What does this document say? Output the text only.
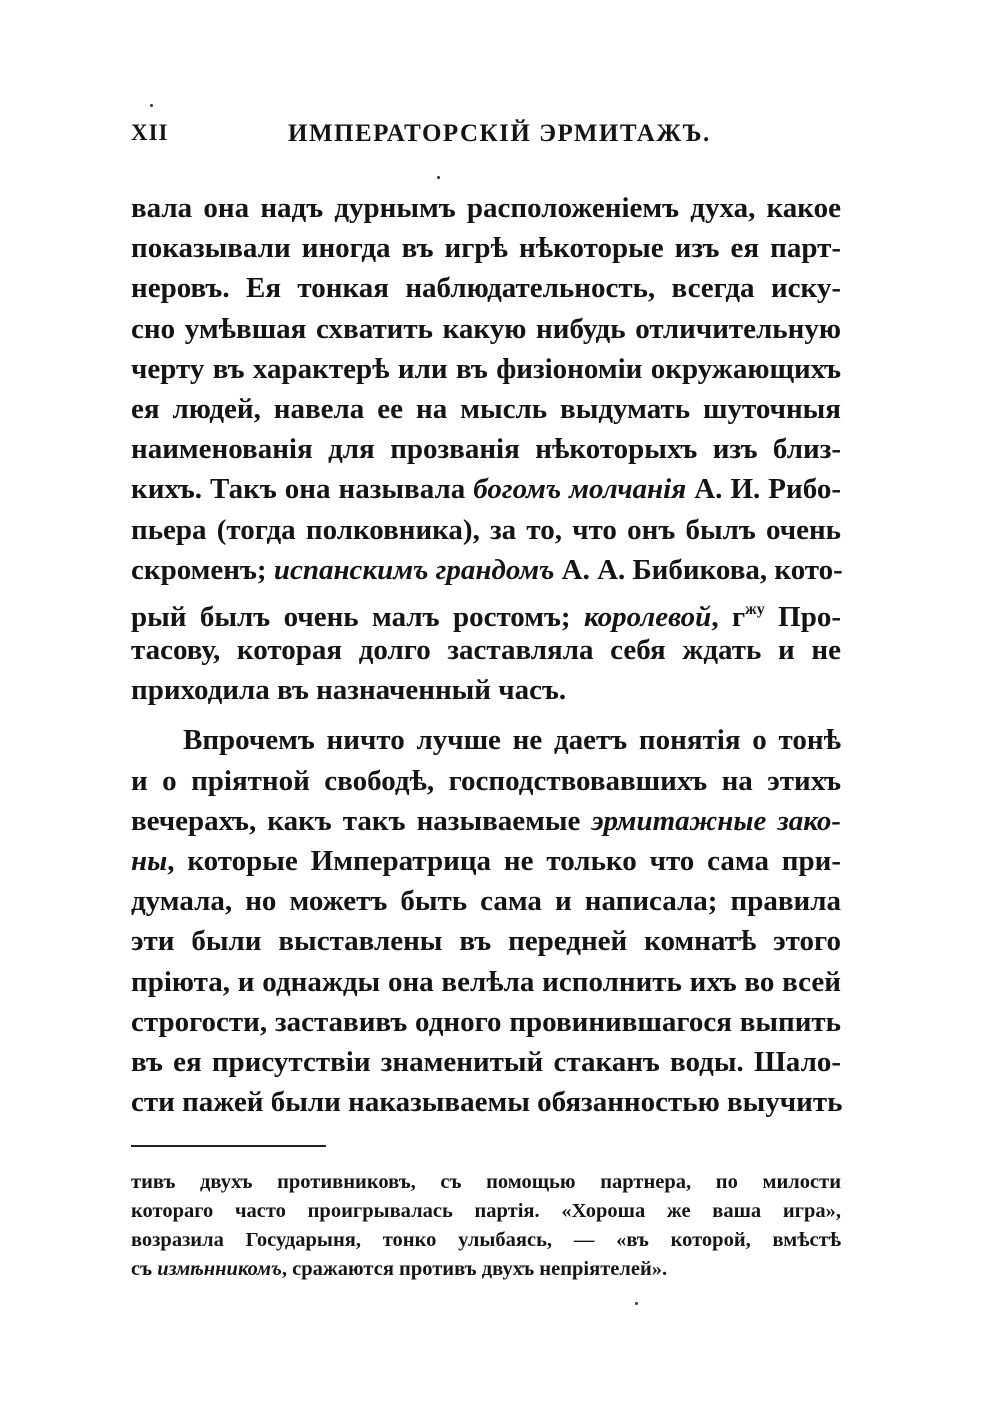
XII	ИМПЕРАТОРСКІЙ ЭРМИТАЖЪ.
вала она надъ дурнымъ расположеніемъ духа, какое
показывали иногда въ игрѣ нѣкоторые изъ ея парт-
неровъ. Ея тонкая наблюдательность, всегда иску-
сно умѣвшая схватить какую нибудь отличительную
черту въ характерѣ или въ физіономіи окружающихъ
ея людей, навела ее на мысль выдумать шуточныя
наименованія для прозванія нѣкоторыхъ изъ близ-
кихъ. Такъ она называла богомъ молчанія А. И. Рибо-
пьера (тогда полковника), за то, что онъ былъ очень
скроменъ; испанскимъ грандомъ А. А. Бибикова, кото-
рый былъ очень малъ ростомъ; королевой, $г^{жу}$ Про-
тасову, которая долго заставляла себя ждать и не
приходила въ назначенный часъ.
Впрочемъ ничто лучше не даетъ понятія о тонѣ
и о пріятной свободѣ, господствовавшихъ на этихъ
вечерахъ, какъ такъ называемые эрмитажные зако-
ны, которые Императрица не только что сама при-
думала, но можетъ быть сама и написала; правила
эти были выставлены въ передней комнатѣ этого
пріюта, и однажды она велѣла исполнить ихъ во всей
строгости, заставивъ одного провинившагося выпить
въ ея присутствіи знаменитый стаканъ воды. Шало-
сти пажей были наказываемы обязанностью выучить
тивъ двухъ противниковъ, съ помощью партнера, по милости
котораго часто проигрывалась партія. «Хороша же ваша игра»,
возразила Государыня, тонко улыбаясь, — «въ которой, вмѣстѣ
съ измѣнникомъ, сражаются противъ двухъ непріятелей».
